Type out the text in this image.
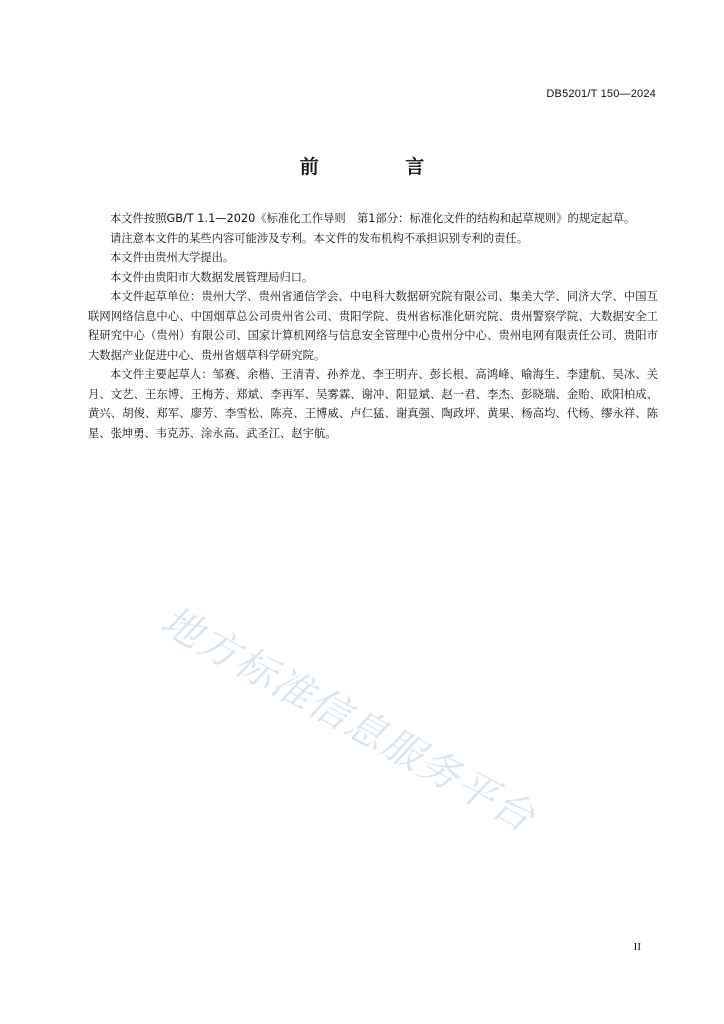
DB5201/T 150—2024
前 言

本文件按照GB/T 1.1—2020《标准化工作导则　第1部分：标准化文件的结构和起草规则》的规定起草。

请注意本文件的某些内容可能涉及专利。本文件的发布机构不承担识别专利的责任。

本文件由贵州大学提出。

本文件由贵阳市大数据发展管理局归口。

本文件起草单位：贵州大学、贵州省通信学会、中电科大数据研究院有限公司、集美大学、同济大学、中国互联网网络信息中心、中国烟草总公司贵州省公司、贵阳学院、贵州省标准化研究院、贵州警察学院、大数据安全工程研究中心（贵州）有限公司、国家计算机网络与信息安全管理中心贵州分中心、贵州电网有限责任公司、贵阳市大数据产业促进中心、贵州省烟草科学研究院。

本文件主要起草人：邹赛、余楷、王清青、孙养龙、李王明卉、彭长根、高鸿峰、喻海生、李建航、吴冰、关月、文艺、王东博、王梅芳、郑斌、李再军、吴雾霖、谢冲、阳显斌、赵一君、李杰、彭晓瑞、金贻、欧阳柏成、黄兴、胡俊、郑军、廖芳、李雪松、陈亮、王博威、卢仁猛、谢真强、陶政坪、黄果、杨高均、代杨、缪永祥、陈星、张坤勇、韦克苏、涂永高、武圣江、赵宇航。

地方标准信息服务平台
II
